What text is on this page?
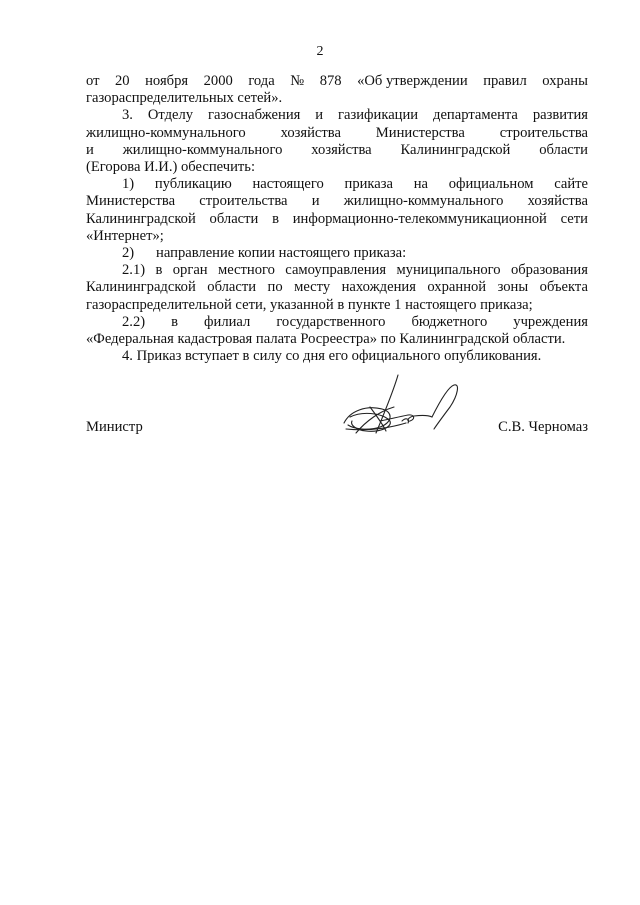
2
от 20 ноября 2000 года № 878 «Об утверждении правил охраны
газораспределительных сетей».
3. Отделу газоснабжения и газификации департамента развития
жилищно-коммунального хозяйства Министерства строительства
и жилищно-коммунального хозяйства Калининградской области
(Егорова И.И.) обеспечить:
1) публикацию настоящего приказа на официальном сайте
Министерства строительства и жилищно-коммунального хозяйства
Калининградской области в информационно-телекоммуникационной сети
«Интернет»;
2)      направление копии настоящего приказа:
2.1) в орган местного самоуправления муниципального образования
Калининградской области по месту нахождения охранной зоны объекта
газораспределительной сети, указанной в пункте 1 настоящего приказа;
2.2) в филиал государственного бюджетного учреждения
«Федеральная кадастровая палата Росреестра» по Калининградской области.
4. Приказ вступает в силу со дня его официального опубликования.
Министр	С.В. Черномаз
